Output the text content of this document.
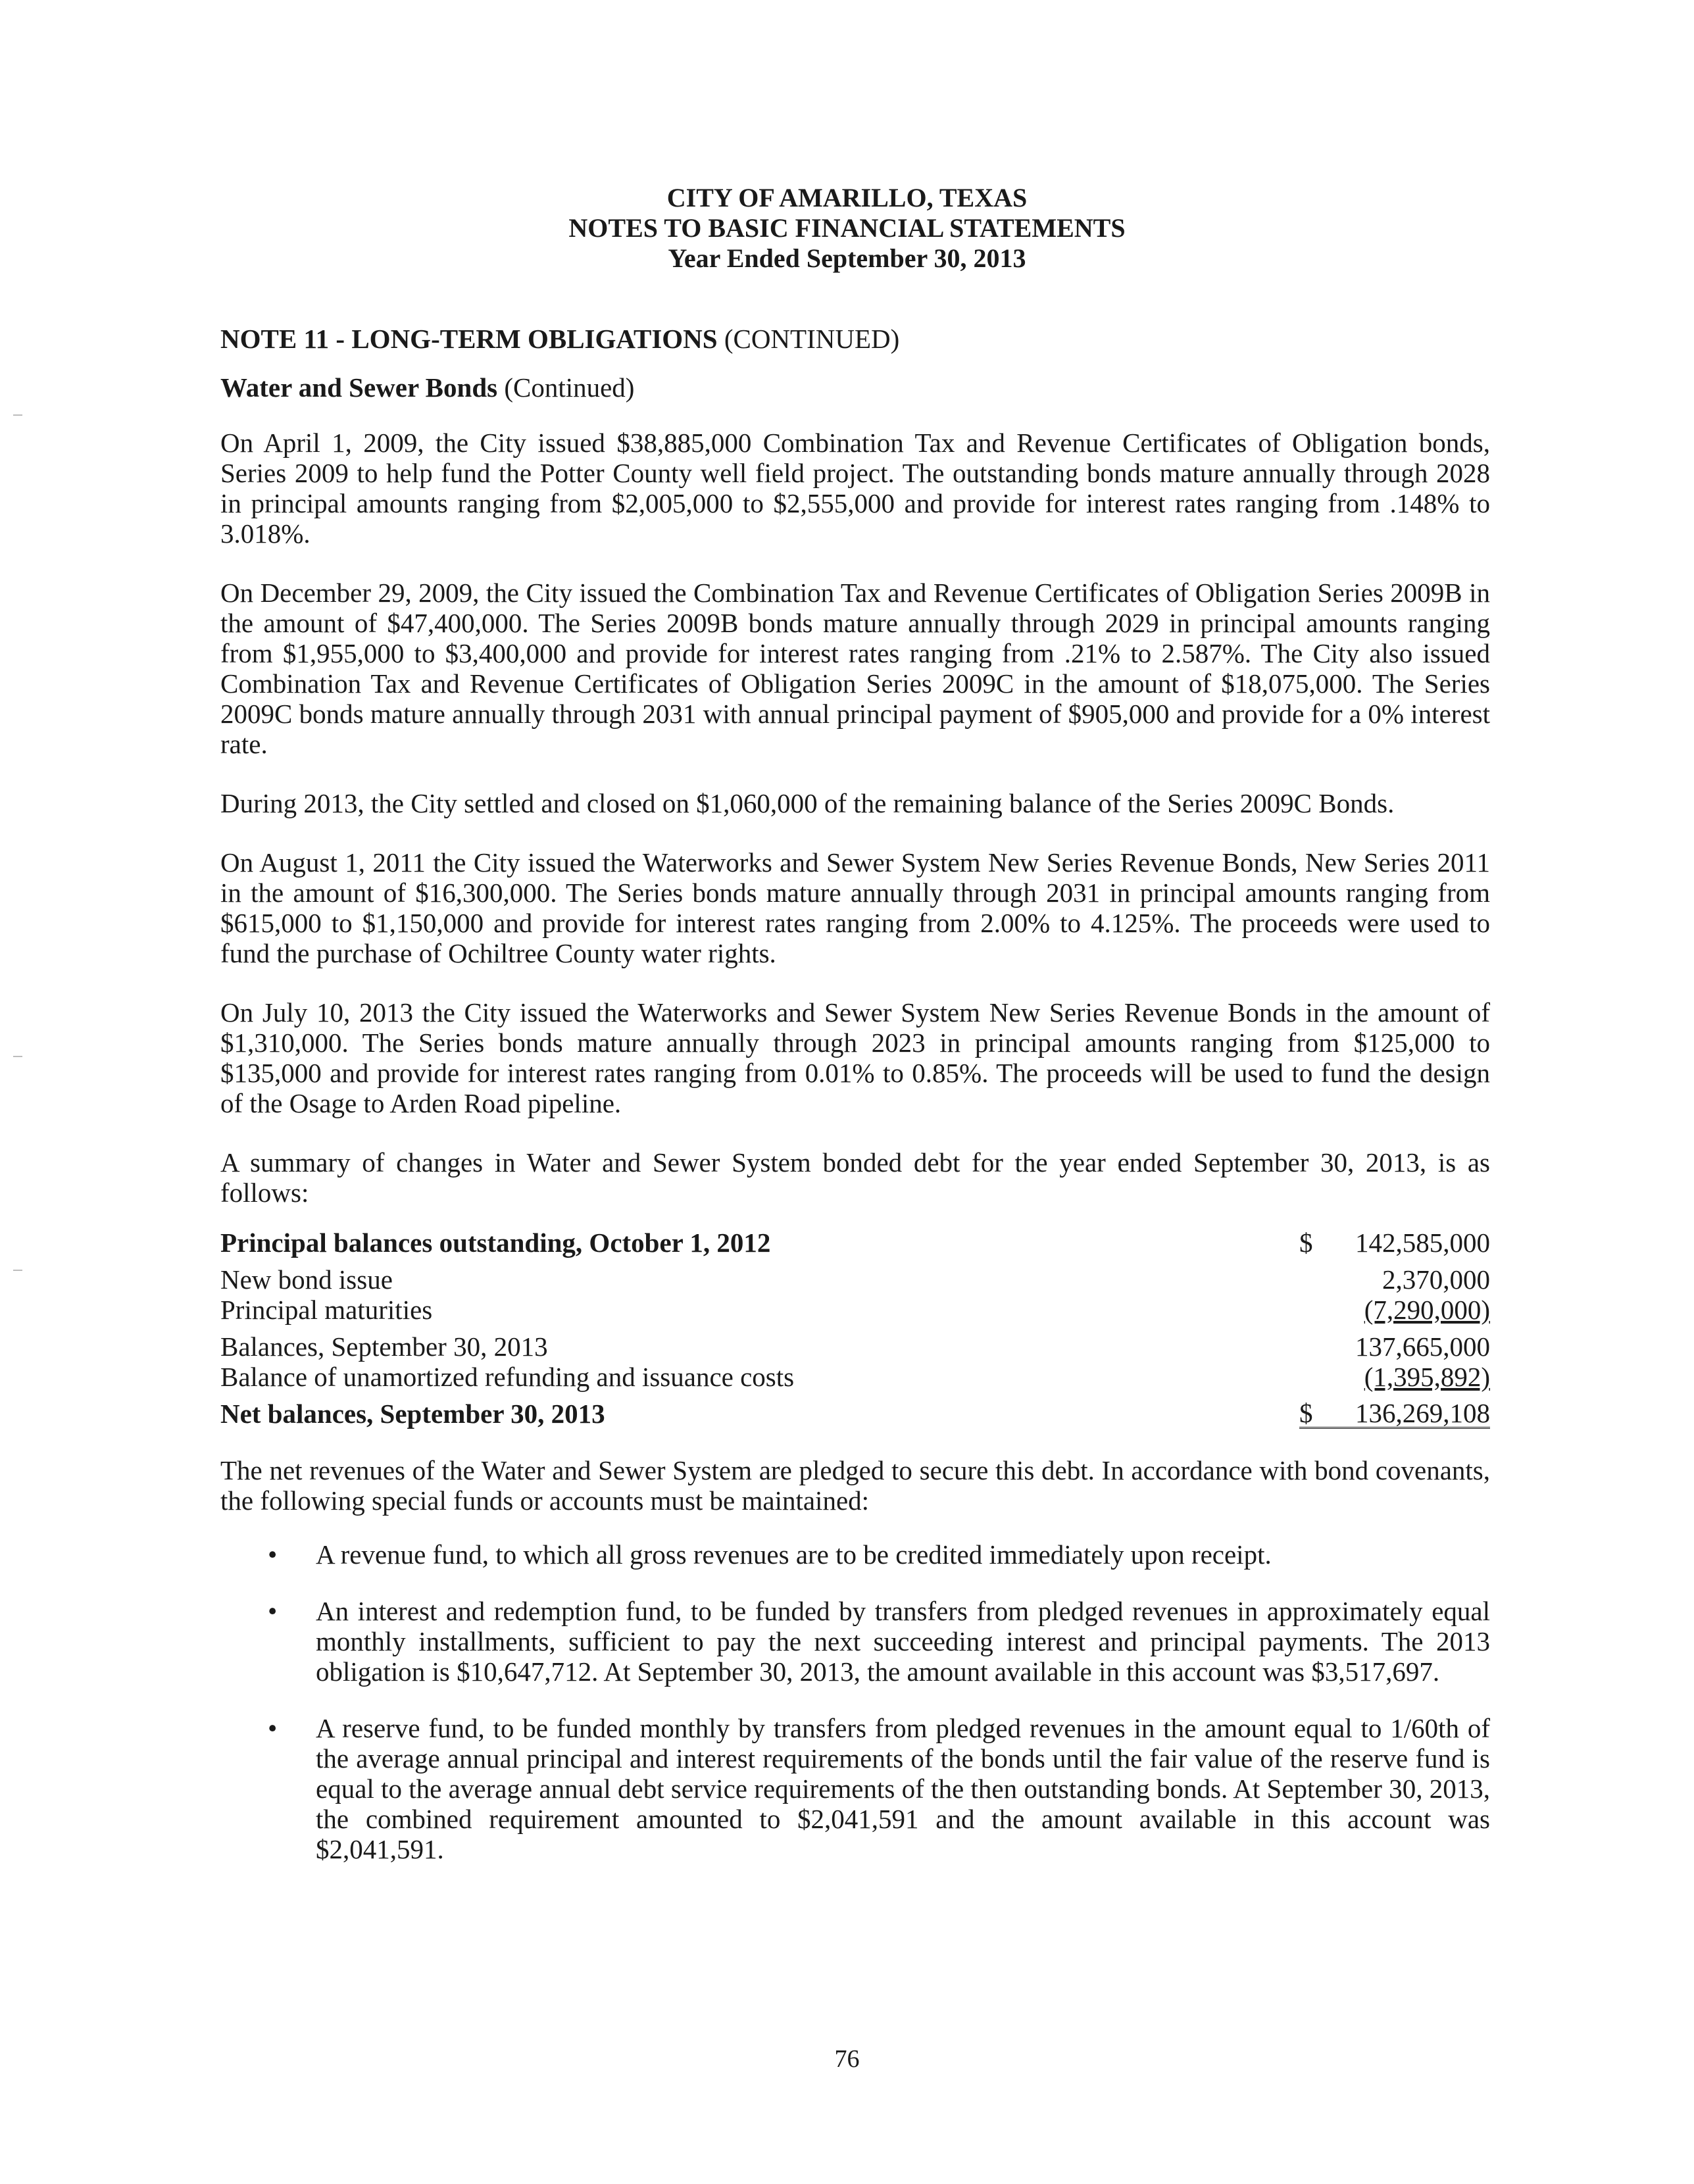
CITY OF AMARILLO, TEXAS
NOTES TO BASIC FINANCIAL STATEMENTS
Year Ended September 30, 2013
NOTE 11 - LONG-TERM OBLIGATIONS (CONTINUED)
Water and Sewer Bonds (Continued)

On April 1, 2009, the City issued $38,885,000 Combination Tax and Revenue Certificates of Obligation bonds, Series 2009 to help fund the Potter County well field project. The outstanding bonds mature annually through 2028 in principal amounts ranging from $2,005,000 to $2,555,000 and provide for interest rates ranging from .148% to 3.018%.

On December 29, 2009, the City issued the Combination Tax and Revenue Certificates of Obligation Series 2009B in the amount of $47,400,000. The Series 2009B bonds mature annually through 2029 in principal amounts ranging from $1,955,000 to $3,400,000 and provide for interest rates ranging from .21% to 2.587%. The City also issued Combination Tax and Revenue Certificates of Obligation Series 2009C in the amount of $18,075,000. The Series 2009C bonds mature annually through 2031 with annual principal payment of $905,000 and provide for a 0% interest rate.

During 2013, the City settled and closed on $1,060,000 of the remaining balance of the Series 2009C Bonds.

On August 1, 2011 the City issued the Waterworks and Sewer System New Series Revenue Bonds, New Series 2011 in the amount of $16,300,000. The Series bonds mature annually through 2031 in principal amounts ranging from $615,000 to $1,150,000 and provide for interest rates ranging from 2.00% to 4.125%. The proceeds were used to fund the purchase of Ochiltree County water rights.

On July 10, 2013 the City issued the Waterworks and Sewer System New Series Revenue Bonds in the amount of $1,310,000. The Series bonds mature annually through 2023 in principal amounts ranging from $125,000 to $135,000 and provide for interest rates ranging from 0.01% to 0.85%. The proceeds will be used to fund the design of the Osage to Arden Road pipeline.

A summary of changes in Water and Sewer System bonded debt for the year ended September 30, 2013, is as follows:

Principal balances outstanding, October 1, 2012	$ 142,585,000
New bond issue	2,370,000
Principal maturities	(7,290,000)
Balances, September 30, 2013	137,665,000
Balance of unamortized refunding and issuance costs	(1,395,892)
Net balances, September 30, 2013	$ 136,269,108

The net revenues of the Water and Sewer System are pledged to secure this debt. In accordance with bond covenants, the following special funds or accounts must be maintained:

• A revenue fund, to which all gross revenues are to be credited immediately upon receipt.
• An interest and redemption fund, to be funded by transfers from pledged revenues in approximately equal monthly installments, sufficient to pay the next succeeding interest and principal payments. The 2013 obligation is $10,647,712. At September 30, 2013, the amount available in this account was $3,517,697.
• A reserve fund, to be funded monthly by transfers from pledged revenues in the amount equal to 1/60th of the average annual principal and interest requirements of the bonds until the fair value of the reserve fund is equal to the average annual debt service requirements of the then outstanding bonds. At September 30, 2013, the combined requirement amounted to $2,041,591 and the amount available in this account was $2,041,591.
76
